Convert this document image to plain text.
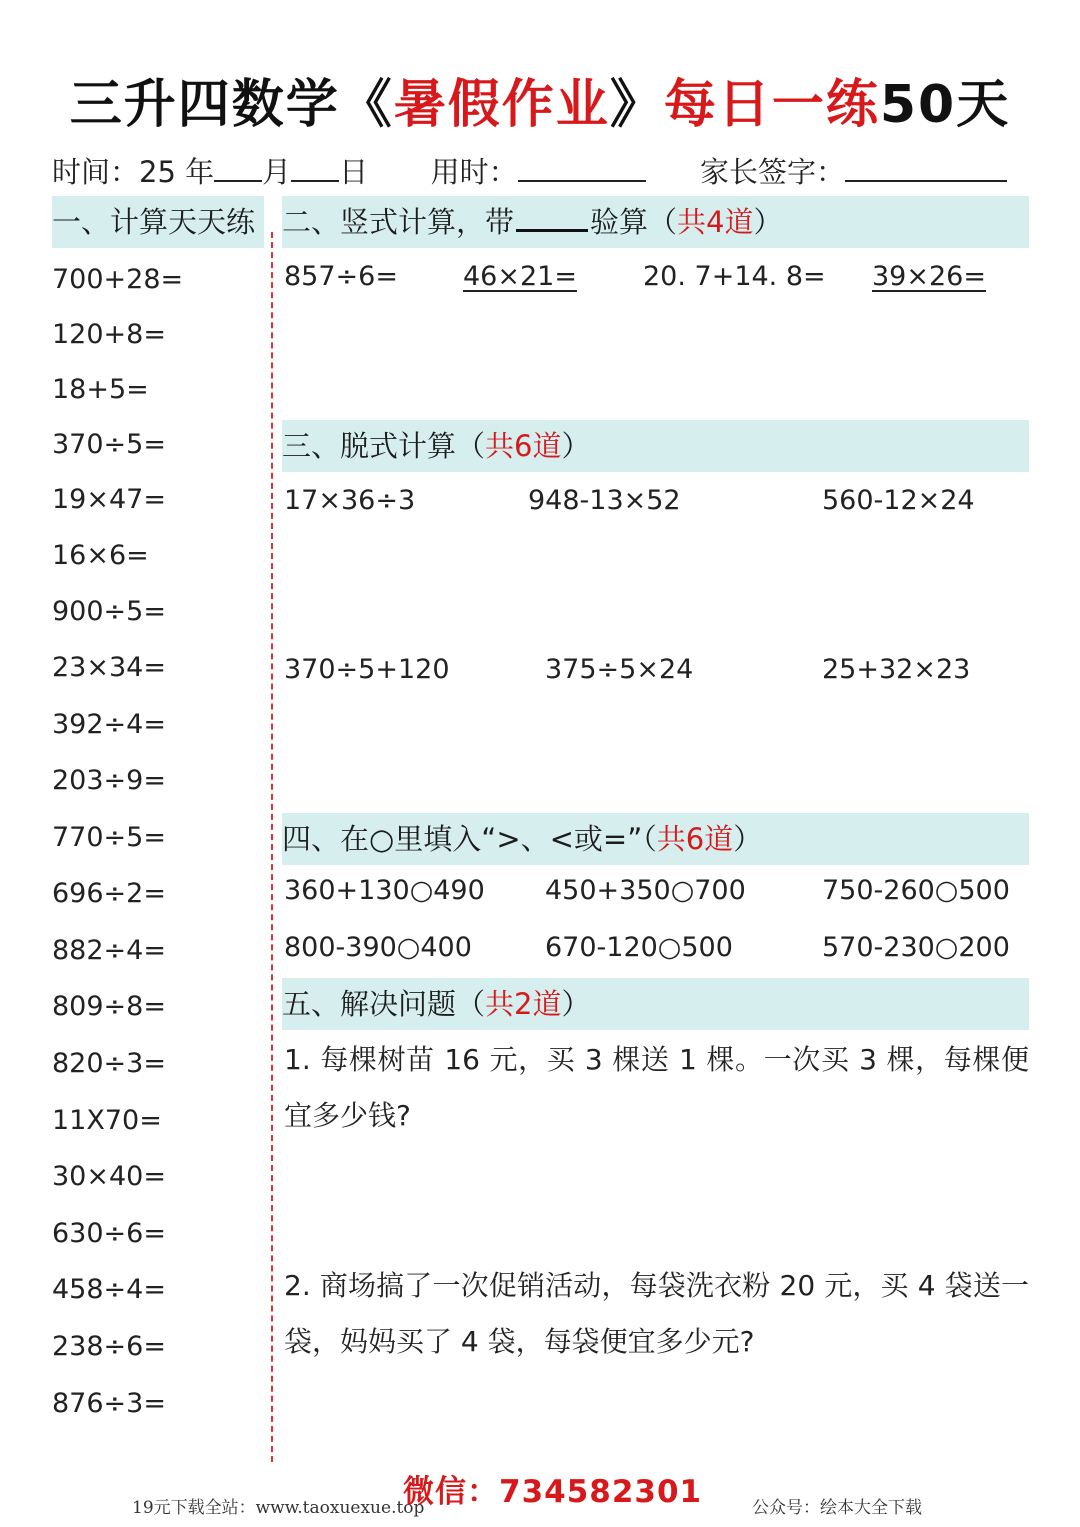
三升四数学《暑假作业》每日一练50天
时间：25 年 月 日 用时：	家长签字：
一、计算天天练
700+28=
120+8=
18+5=
370÷5=
19×47=
16×6=
900÷5=
23×34=
392÷4=
203÷9=
770÷5=
696÷2=
882÷4=
809÷8=
820÷3=
11X70=
30×40=
630÷6=
458÷4=
238÷6=
876÷3=
二、竖式计算，带	验算（共4道）
857÷6= 46×21= 20. 7+14. 8= 39×26=
三、脱式计算（共6道）
17×36÷3	948-13×52	560-12×24
370÷5+120	375÷5×24	25+32×23
四、在○里填入“>、<或=”（共6道）
360+130○490 450+350○700	750-260○500
800-390○400	670-120○500	570-230○200
五、解决问题（共2道）
1. 每棵树苗 16 元，买 3 棵送 1 棵。一次买 3 棵，每棵便宜多少钱?
2. 商场搞了一次促销活动，每袋洗衣粉 20 元，买 4 袋送一袋，妈妈买了 4 袋，每袋便宜多少元?
19元下载全站：www.taoxuexue.top
微信：734582301	公众号：绘本大全下载
